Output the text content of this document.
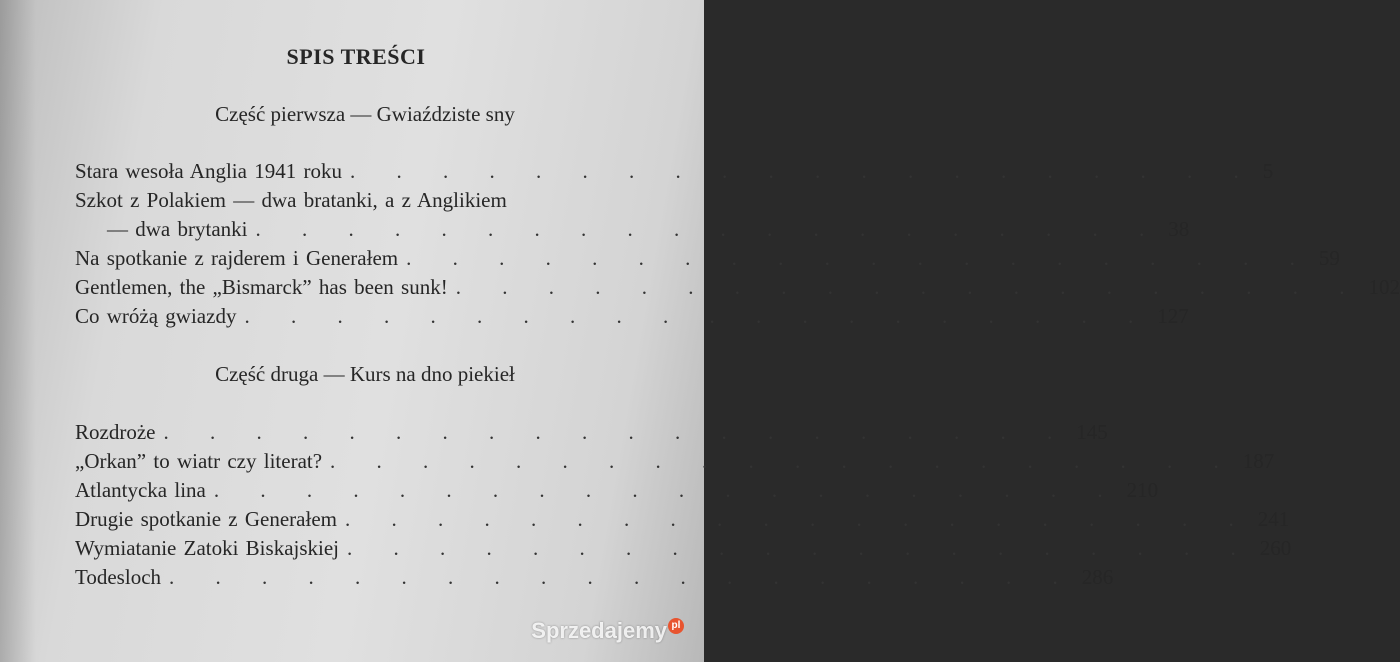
SPIS TREŚCI
Część pierwsza — Gwiaździste sny
Stara wesoła Anglia 1941 roku . . . . . . . . . . . . . . . . . . . . 5
Szkot z Polakiem — dwa bratanki, a z Anglikiem
— dwa brytanki . . . . . . . . . . . . . . . . . . . . 38
Na spotkanie z rajderem i Generałem . . . . . . . . . . . . . . . . . . . . 59
Gentlemen, the „Bismarck” has been sunk! . . . . . . . . . . . . . . . . . . . . 102
Co wróżą gwiazdy . . . . . . . . . . . . . . . . . . . . 127
Część druga — Kurs na dno piekieł
Rozdroże . . . . . . . . . . . . . . . . . . . . 145
„Orkan” to wiatr czy literat? . . . . . . . . . . . . . . . . . . . . 187
Atlantycka lina . . . . . . . . . . . . . . . . . . . . 210
Drugie spotkanie z Generałem . . . . . . . . . . . . . . . . . . . . 241
Wymiatanie Zatoki Biskajskiej . . . . . . . . . . . . . . . . . . . . 260
Todesloch . . . . . . . . . . . . . . . . . . . . 286
Sprzedajemy pl
